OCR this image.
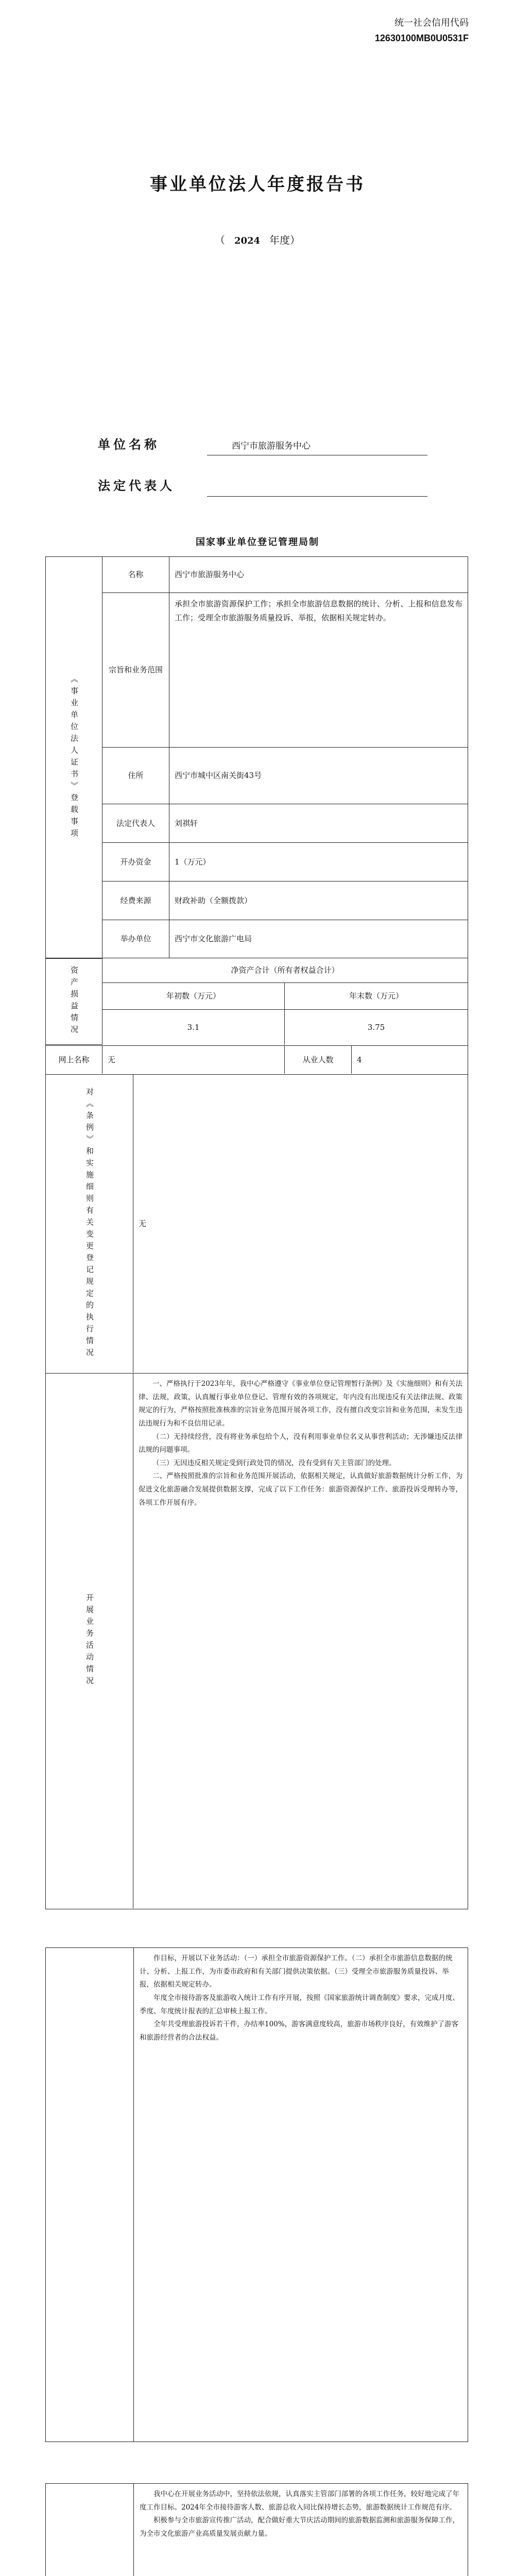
统一社会信用代码
12630100MB0U0531F
事业单位法人年度报告书
（ 2024 年度）
单位名称	西宁市旅游服务中心
法定代表人
国家事业单位登记管理局制
《事业单位法人证书》登载事项
名称	西宁市旅游服务中心
宗旨和业务范围
承担全市旅游资源保护工作；承担全市旅游信息数据的统计、分析、上报和信息发布工作；受理全市旅游服务质量投诉、举报，依据相关规定转办。
住所	西宁市城中区南关街43号
法定代表人	刘祺轩
开办资金	1（万元）
经费来源	财政补助（全额拨款）
举办单位	西宁市文化旅游广电局
资产损益情况	净资产合计（所有者权益合计）
年初数（万元）	年末数（万元）
3.1	3.75
网上名称	无	从业人数	4
对《条例》和实施细则有关变更登记规定的执行情况	无
开展业务活动情况

一、严格执行于2023年年，我中心严格遵守《事业单位登记管理暂行条例》及《实施细则》和有关法律、法规，政策，认真履行事业单位登记、管理有效的各项规定，年内没有出现违反有关法律法规、政策规定的行为，严格按照批准核准的宗旨业务范围开展各项工作，没有擅自改变宗旨和业务范围，未发生违法违规行为和不良信用记录。

（二）无持续经营，没有将业务承包给个人，没有利用事业单位名义从事营利活动；无涉嫌违反法律法规的问题事项。

（三）无因违反相关规定受到行政处罚的情况，没有受到有关主管部门的处理。

二、严格按照批准的宗旨和业务范围开展活动，依据相关规定，认真做好旅游数据统计分析工作，为促进文化旅游融合发展提供数据支撑，完成了以下工作任务：旅游资源保护工作、旅游投诉受理转办等，各项工作开展有序。

作目标，开展以下业务活动：（一）承担全市旅游资源保护工作。（二）承担全市旅游信息数据的统计、分析、上报工作，为市委市政府和有关部门提供决策依据。（三）受理全市旅游服务质量投诉、举报，依据相关规定转办。

年度全市接待游客及旅游收入统计工作有序开展，按照《国家旅游统计调查制度》要求，完成月度、季度、年度统计报表的汇总审核上报工作。

全年共受理旅游投诉若干件，办结率100%，游客满意度较高，旅游市场秩序良好，有效维护了游客和旅游经营者的合法权益。

我中心在开展业务活动中，坚持依法依规，认真落实主管部门部署的各项工作任务，较好地完成了年度工作目标。2024年全市接待游客人数、旅游总收入同比保持增长态势，旅游数据统计工作规范有序。

积极参与全市旅游宣传推广活动，配合做好重大节庆活动期间的旅游数据监测和旅游服务保障工作，为全市文化旅游产业高质量发展贡献力量。
